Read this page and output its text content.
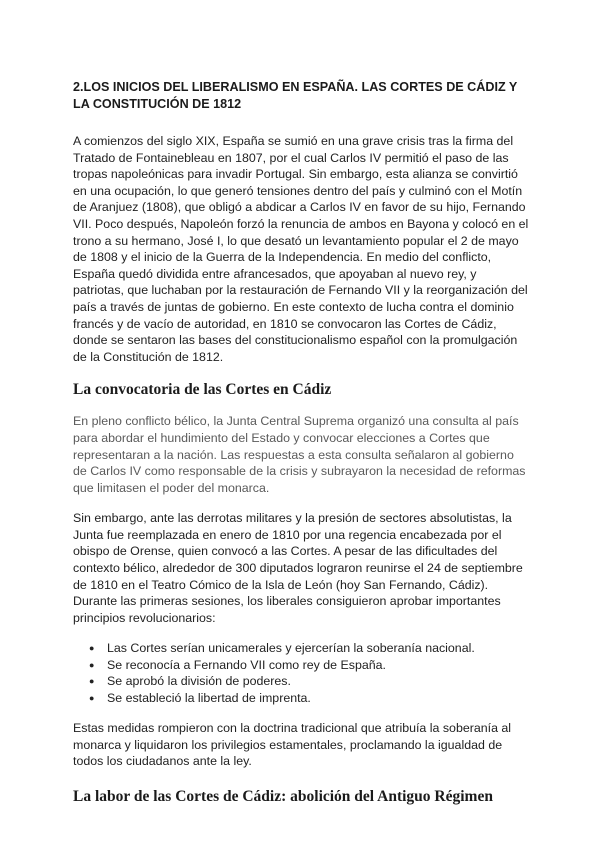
2.LOS INICIOS DEL LIBERALISMO EN ESPAÑA. LAS CORTES DE CÁDIZ Y LA CONSTITUCIÓN DE 1812

A comienzos del siglo XIX, España se sumió en una grave crisis tras la firma del Tratado de Fontainebleau en 1807, por el cual Carlos IV permitió el paso de las tropas napoleónicas para invadir Portugal. Sin embargo, esta alianza se convirtió en una ocupación, lo que generó tensiones dentro del país y culminó con el Motín de Aranjuez (1808), que obligó a abdicar a Carlos IV en favor de su hijo, Fernando VII. Poco después, Napoleón forzó la renuncia de ambos en Bayona y colocó en el trono a su hermano, José I, lo que desató un levantamiento popular el 2 de mayo de 1808 y el inicio de la Guerra de la Independencia. En medio del conflicto, España quedó dividida entre afrancesados, que apoyaban al nuevo rey, y patriotas, que luchaban por la restauración de Fernando VII y la reorganización del país a través de juntas de gobierno. En este contexto de lucha contra el dominio francés y de vacío de autoridad, en 1810 se convocaron las Cortes de Cádiz, donde se sentaron las bases del constitucionalismo español con la promulgación de la Constitución de 1812.

La convocatoria de las Cortes en Cádiz

En pleno conflicto bélico, la Junta Central Suprema organizó una consulta al país para abordar el hundimiento del Estado y convocar elecciones a Cortes que representaran a la nación. Las respuestas a esta consulta señalaron al gobierno de Carlos IV como responsable de la crisis y subrayaron la necesidad de reformas que limitasen el poder del monarca.

Sin embargo, ante las derrotas militares y la presión de sectores absolutistas, la Junta fue reemplazada en enero de 1810 por una regencia encabezada por el obispo de Orense, quien convocó a las Cortes. A pesar de las dificultades del contexto bélico, alrededor de 300 diputados lograron reunirse el 24 de septiembre de 1810 en el Teatro Cómico de la Isla de León (hoy San Fernando, Cádiz). Durante las primeras sesiones, los liberales consiguieron aprobar importantes principios revolucionarios:

● Las Cortes serían unicamerales y ejercerían la soberanía nacional.
● Se reconocía a Fernando VII como rey de España.
● Se aprobó la división de poderes.
● Se estableció la libertad de imprenta.

Estas medidas rompieron con la doctrina tradicional que atribuía la soberanía al monarca y liquidaron los privilegios estamentales, proclamando la igualdad de todos los ciudadanos ante la ley.

La labor de las Cortes de Cádiz: abolición del Antiguo Régimen
